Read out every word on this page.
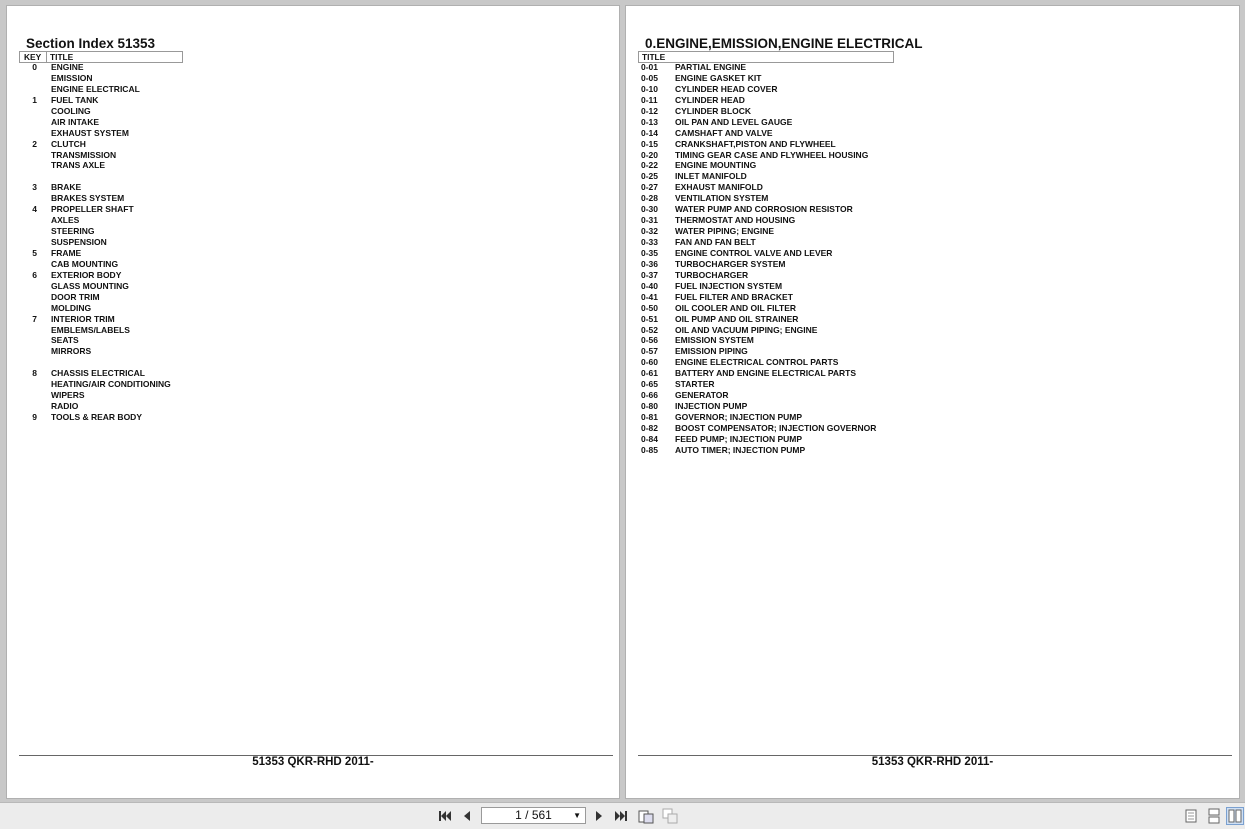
Section Index 51353
KEY TITLE
0 ENGINE
EMISSION
ENGINE ELECTRICAL
1 FUEL TANK
COOLING
AIR INTAKE
EXHAUST SYSTEM
2 CLUTCH
TRANSMISSION
TRANS AXLE
3 BRAKE
BRAKES SYSTEM
4 PROPELLER SHAFT
AXLES
STEERING
SUSPENSION
5 FRAME
CAB MOUNTING
6 EXTERIOR BODY
GLASS MOUNTING
DOOR TRIM
MOLDING
7 INTERIOR TRIM
EMBLEMS/LABELS
SEATS
MIRRORS
8 CHASSIS ELECTRICAL
HEATING/AIR CONDITIONING
WIPERS
RADIO
9 TOOLS & REAR BODY
51353 QKR-RHD 2011-
0.ENGINE,EMISSION,ENGINE ELECTRICAL
TITLE
0-01 PARTIAL ENGINE
0-05 ENGINE GASKET KIT
0-10 CYLINDER HEAD COVER
0-11 CYLINDER HEAD
0-12 CYLINDER BLOCK
0-13 OIL PAN AND LEVEL GAUGE
0-14 CAMSHAFT AND VALVE
0-15 CRANKSHAFT,PISTON AND FLYWHEEL
0-20 TIMING GEAR CASE AND FLYWHEEL HOUSING
0-22 ENGINE MOUNTING
0-25 INLET MANIFOLD
0-27 EXHAUST MANIFOLD
0-28 VENTILATION SYSTEM
0-30 WATER PUMP AND CORROSION RESISTOR
0-31 THERMOSTAT AND HOUSING
0-32 WATER PIPING; ENGINE
0-33 FAN AND FAN BELT
0-35 ENGINE CONTROL VALVE AND LEVER
0-36 TURBOCHARGER SYSTEM
0-37 TURBOCHARGER
0-40 FUEL INJECTION SYSTEM
0-41 FUEL FILTER AND BRACKET
0-50 OIL COOLER AND OIL FILTER
0-51 OIL PUMP AND OIL STRAINER
0-52 OIL AND VACUUM PIPING; ENGINE
0-56 EMISSION SYSTEM
0-57 EMISSION PIPING
0-60 ENGINE ELECTRICAL CONTROL PARTS
0-61 BATTERY AND ENGINE ELECTRICAL PARTS
0-65 STARTER
0-66 GENERATOR
0-80 INJECTION PUMP
0-81 GOVERNOR; INJECTION PUMP
0-82 BOOST COMPENSATOR; INJECTION GOVERNOR
0-84 FEED PUMP; INJECTION PUMP
0-85 AUTO TIMER; INJECTION PUMP
51353 QKR-RHD 2011-
1 / 561	▼
